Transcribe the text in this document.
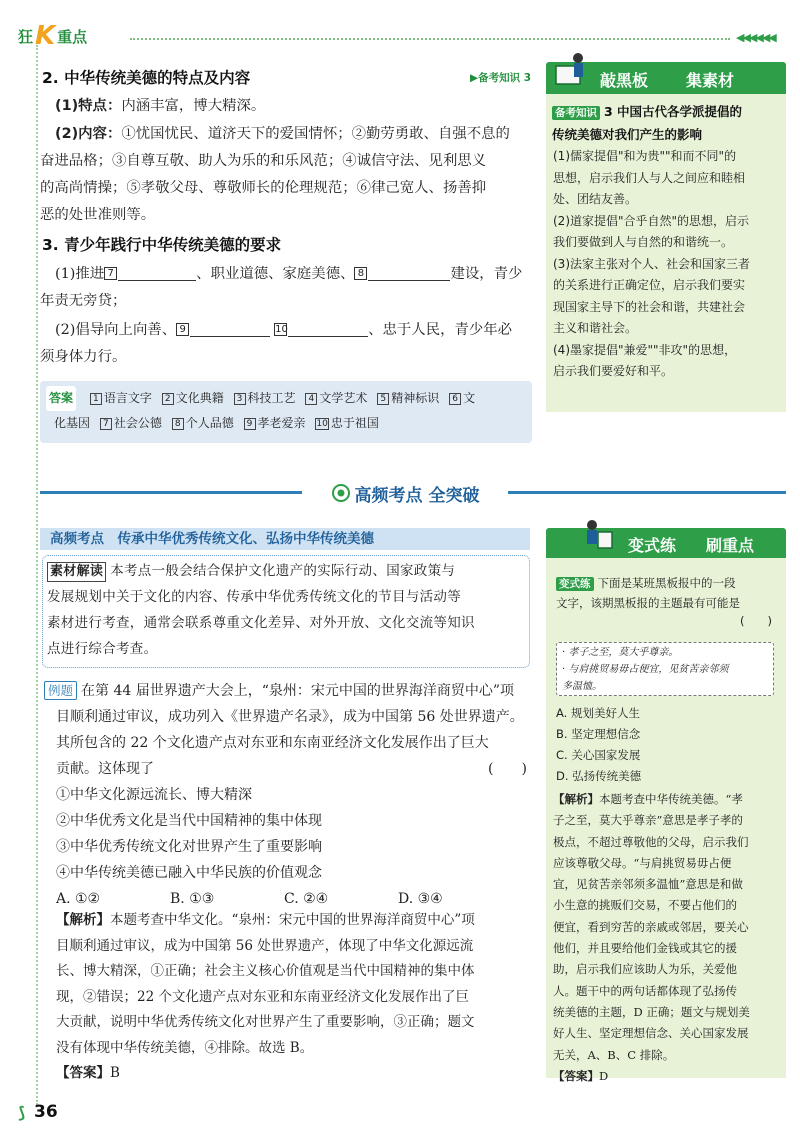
狂 K 重点	◀◀◀◀◀◀
2. 中华传统美德的特点及内容	▶备考知识 3
(1)特点：内涵丰富，博大精深。
(2)内容：①忧国忧民、道济天下的爱国情怀；②勤劳勇敢、自强不息的
奋进品格；③自尊互敬、助人为乐的和乐风范；④诚信守法、见利思义
的高尚情操；⑤孝敬父母、尊敬师长的伦理规范；⑥律己宽人、扬善抑
恶的处世准则等。
3. 青少年践行中华传统美德的要求
(1)推进 7	、职业道德、家庭美德、 8	建设，青少
年责无旁贷；
(2)倡导向上向善、 9	10	、忠于人民，青少年必
须身体力行。
答案 1 语言文字 2 文化典籍 3 科技工艺 4 文学艺术 5 精神标识 6 文
化基因 7 社会公德 8 个人品德 9 孝老爱亲 10 忠于祖国
敲黑板 集素材
备考知识 3 中国古代各学派提倡的
传统美德对我们产生的影响
(1)儒家提倡"和为贵""和而不同"的
思想，启示我们人与人之间应和睦相
处、团结友善。
(2)道家提倡"合乎自然"的思想，启示
我们要做到人与自然的和谐统一。
(3)法家主张对个人、社会和国家三者
的关系进行正确定位，启示我们要实
现国家主导下的社会和谐，共建社会
主义和谐社会。
(4)墨家提倡"兼爱""非攻"的思想，
启示我们要爱好和平。
高频考点 全突破
高频考点　传承中华优秀传统文化、弘扬中华传统美德
素材解读 本考点一般会结合保护文化遗产的实际行动、国家政策与
发展规划中关于文化的内容、传承中华优秀传统文化的节目与活动等
素材进行考查，通常会联系尊重文化差异、对外开放、文化交流等知识
点进行综合考查。
例题 在第 44 届世界遗产大会上，“泉州：宋元中国的世界海洋商贸中心”项
目顺利通过审议，成功列入《世界遗产名录》，成为中国第 56 处世界遗产。
其所包含的 22 个文化遗产点对东亚和东南亚经济文化发展作出了巨大
贡献。这体现了	(　　)
①中华文化源远流长、博大精深
②中华优秀文化是当代中国精神的集中体现
③中华优秀传统文化对世界产生了重要影响
④中华传统美德已融入中华民族的价值观念
A. ①②	B. ①③	C. ②④	D. ③④
【解析】本题考查中华文化。“泉州：宋元中国的世界海洋商贸中心”项
目顺利通过审议，成为中国第 56 处世界遗产，体现了中华文化源远流
长、博大精深，①正确；社会主义核心价值观是当代中国精神的集中体
现，②错误；22 个文化遗产点对东亚和东南亚经济文化发展作出了巨
大贡献，说明中华优秀传统文化对世界产生了重要影响，③正确；题文
没有体现中华传统美德，④排除。故选 B。
【答案】B
变式练 刷重点
变式练 下面是某班黑板报中的一段
文字，该期黑板报的主题最有可能是
(　　)
· 孝子之至，莫大乎尊亲。
· 与肩挑贸易毋占便宜，见贫苦亲邻须
多温恤。
A. 规划美好人生
B. 坚定理想信念
C. 关心国家发展
D. 弘扬传统美德
【解析】本题考查中华传统美德。“孝
子之至，莫大乎尊亲”意思是孝子孝的
极点，不超过尊敬他的父母，启示我们
应该尊敬父母。“与肩挑贸易毋占便
宜，见贫苦亲邻须多温恤”意思是和做
小生意的挑贩们交易，不要占他们的
便宜，看到穷苦的亲戚或邻居，要关心
他们，并且要给他们金钱或其它的援
助，启示我们应该助人为乐，关爱他
人。题干中的两句话都体现了弘扬传
统美德的主题，D 正确；题文与规划美
好人生、坚定理想信念、关心国家发展
无关，A、B、C 排除。
【答案】D
⟆ 36
